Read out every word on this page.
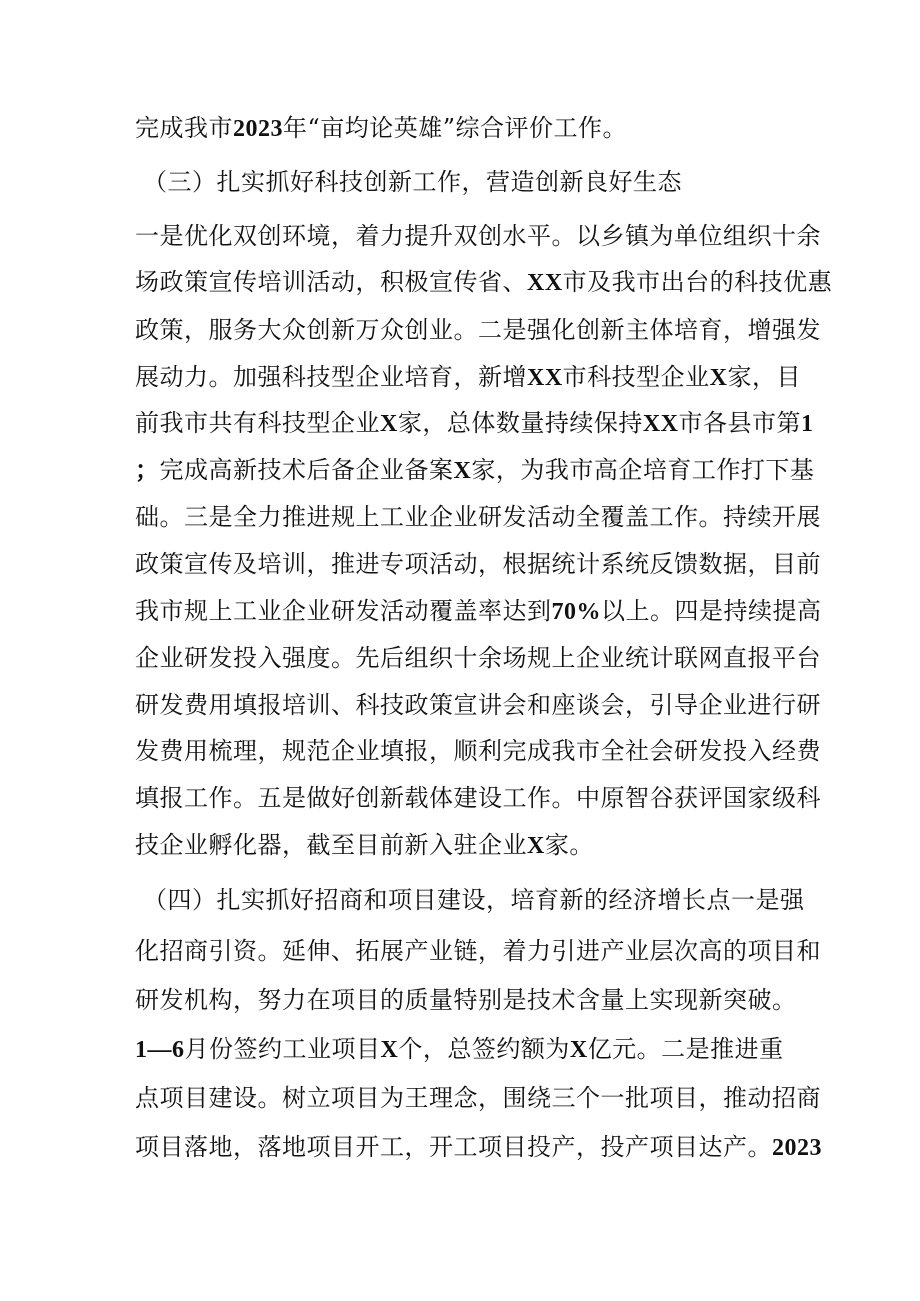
完成我市2023年“亩均论英雄”综合评价工作。
（三）扎实抓好科技创新工作，营造创新良好生态
一是优化双创环境，着力提升双创水平。以乡镇为单位组织十余
场政策宣传培训活动，积极宣传省、XX市及我市出台的科技优惠
政策，服务大众创新万众创业。二是强化创新主体培育，增强发
展动力。加强科技型企业培育，新增XX市科技型企业X家，目
前我市共有科技型企业X家，总体数量持续保持XX市各县市第1
；完成高新技术后备企业备案X家，为我市高企培育工作打下基
础。三是全力推进规上工业企业研发活动全覆盖工作。持续开展
政策宣传及培训，推进专项活动，根据统计系统反馈数据，目前
我市规上工业企业研发活动覆盖率达到70%以上。四是持续提高
企业研发投入强度。先后组织十余场规上企业统计联网直报平台
研发费用填报培训、科技政策宣讲会和座谈会，引导企业进行研
发费用梳理，规范企业填报，顺利完成我市全社会研发投入经费
填报工作。五是做好创新载体建设工作。中原智谷获评国家级科
技企业孵化器，截至目前新入驻企业X家。
（四）扎实抓好招商和项目建设，培育新的经济增长点一是强
化招商引资。延伸、拓展产业链，着力引进产业层次高的项目和
研发机构，努力在项目的质量特别是技术含量上实现新突破。
1—6月份签约工业项目X个，总签约额为X亿元。二是推进重
点项目建设。树立项目为王理念，围绕三个一批项目，推动招商
项目落地，落地项目开工，开工项目投产，投产项目达产。2023
